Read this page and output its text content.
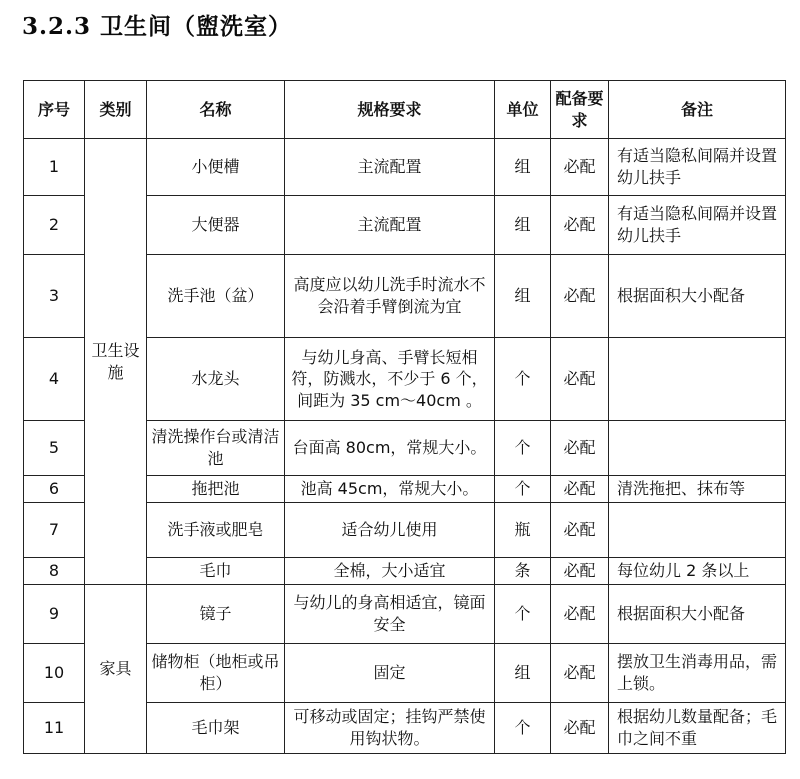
3.2.3 卫生间（盥洗室）
序号	类别	名称	规格要求	单位	配备要求	备注
1	卫生设施	小便槽	主流配置	组	必配	有适当隐私间隔并设置幼儿扶手
2		大便器	主流配置	组	必配	有适当隐私间隔并设置幼儿扶手
3		洗手池（盆）	高度应以幼儿洗手时流水不会沿着手臂倒流为宜	组	必配	根据面积大小配备
4		水龙头	与幼儿身高、手臂长短相符，防溅水，不少于 6 个，间距为 35 cm～40cm 。	个	必配	
5		清洗操作台或清洁池	台面高 80cm，常规大小。	个	必配	
6		拖把池	池高 45cm，常规大小。	个	必配	清洗拖把、抹布等
7		洗手液或肥皂	适合幼儿使用	瓶	必配	
8		毛巾	全棉，大小适宜	条	必配	每位幼儿 2 条以上
9	家具	镜子	与幼儿的身高相适宜，镜面安全	个	必配	根据面积大小配备
10		储物柜（地柜或吊柜）	固定	组	必配	摆放卫生消毒用品，需上锁。
11		毛巾架	可移动或固定；挂钩严禁使用钩状物。	个	必配	根据幼儿数量配备；毛巾之间不重
